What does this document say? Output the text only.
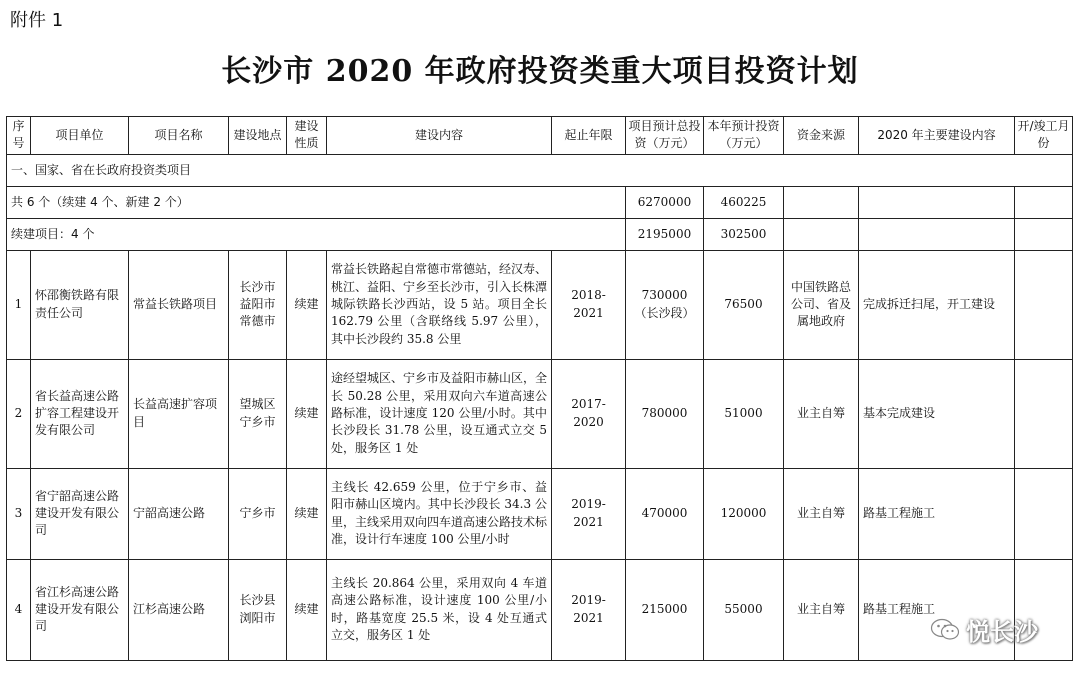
附件 1
长沙市 2020 年政府投资类重大项目投资计划
序号	项目单位	项目名称	建设地点	建设性质	建设内容	起止年限	项目预计总投资（万元）	本年预计投资（万元）	资金来源	2020 年主要建设内容	开/竣工月份
一、国家、省在长政府投资类项目											
共 6 个（续建 4 个、新建 2 个）							6270000	460225			
续建项目：4 个							2195000	302500			
1	怀邵衡铁路有限责任公司	常益长铁路项目	长沙市 益阳市 常德市	续建	常益长铁路起自常德市常德站，经汉寿、桃江、益阳、宁乡至长沙市，引入长株潭城际铁路长沙西站，设 5 站。项目全长 162.79 公里（含联络线 5.97 公里），其中长沙段约 35.8 公里	2018-2021	730000 （长沙段）	76500	中国铁路总公司、省及属地政府	完成拆迁扫尾，开工建设	
2	省长益高速公路扩容工程建设开发有限公司	长益高速扩容项目	望城区 宁乡市	续建	途经望城区、宁乡市及益阳市赫山区，全长 50.28 公里，采用双向六车道高速公路标准，设计速度 120 公里/小时。其中长沙段长 31.78 公里，设互通式立交 5 处，服务区 1 处	2017-2020	780000	51000	业主自筹	基本完成建设	
3	省宁韶高速公路建设开发有限公司	宁韶高速公路	宁乡市	续建	主线长 42.659 公里，位于宁乡市、益阳市赫山区境内。其中长沙段长 34.3 公里，主线采用双向四车道高速公路技术标准，设计行车速度 100 公里/小时	2019-2021	470000	120000	业主自筹	路基工程施工	
4	省江杉高速公路建设开发有限公司	江杉高速公路	长沙县 浏阳市	续建	主线长 20.864 公里，采用双向 4 车道高速公路标准，设计速度 100 公里/小时，路基宽度 25.5 米，设 4 处互通式立交，服务区 1 处	2019-2021	215000	55000	业主自筹	路基工程施工	
悦长沙
